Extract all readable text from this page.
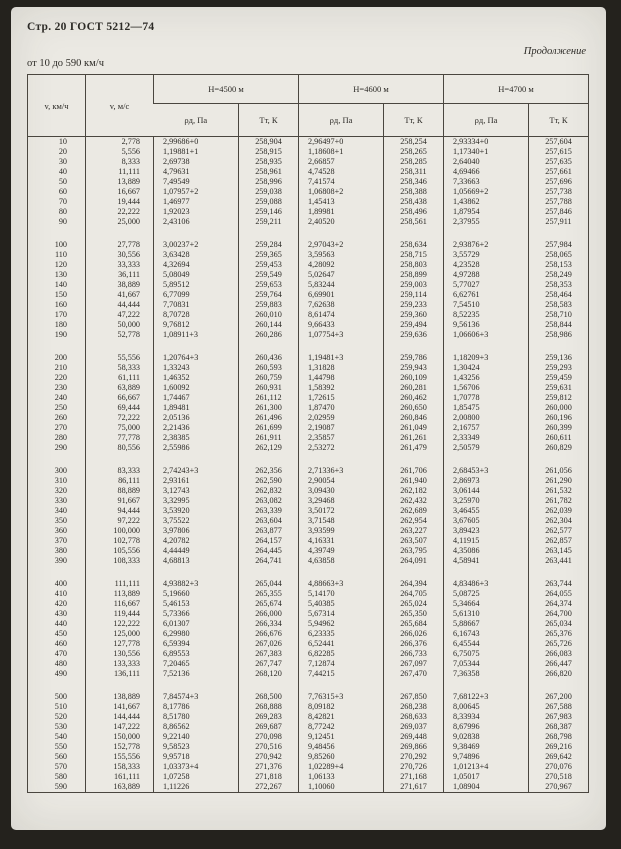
Стр. 20 ГОСТ 5212—74
Продолжение
от 10 до 590 км/ч
v, км/ч	v, м/с	Н=4500 м		Н=4600 м		Н=4700 м	
		ρд, Па	Тт, К	ρд, Па	Тт, К	ρд, Па	Тт, К
10	2,778	2,99686+0	258,904	2,96497+0	258,254	2,93334+0	257,604
20	5,556	1,19881+1	258,915	1,18608+1	258,265	1,17340+1	257,615
30	8,333	2,69738	258,935	2,66857	258,285	2,64040	257,635
40	11,111	4,79631	258,961	4,74528	258,311	4,69466	257,661
50	13,889	7,49549	258,996	7,41574	258,346	7,33663	257,696
60	16,667	1,07957+2	259,038	1,06808+2	258,388	1,05669+2	257,738
70	19,444	1,46977	259,088	1,45413	258,438	1,43862	257,788
80	22,222	1,92023	259,146	1,89981	258,496	1,87954	257,846
90	25,000	2,43106	259,211	2,40520	258,561	2,37955	257,911

100	27,778	3,00237+2	259,284	2,97043+2	258,634	2,93876+2	257,984
110	30,556	3,63428	259,365	3,59563	258,715	3,55729	258,065
120	33,333	4,32694	259,453	4,28092	258,803	4,23528	258,153
130	36,111	5,08049	259,549	5,02647	258,899	4,97288	258,249
140	38,889	5,89512	259,653	5,83244	259,003	5,77027	258,353
150	41,667	6,77099	259,764	6,69901	259,114	6,62761	258,464
160	44,444	7,70831	259,883	7,62638	259,233	7,54510	258,583
170	47,222	8,70728	260,010	8,61474	259,360	8,52235	258,710
180	50,000	9,76812	260,144	9,66433	259,494	9,56136	258,844
190	52,778	1,08911+3	260,286	1,07754+3	259,636	1,06606+3	258,986

200	55,556	1,20764+3	260,436	1,19481+3	259,786	1,18209+3	259,136
210	58,333	1,33243	260,593	1,31828	259,943	1,30424	259,293
220	61,111	1,46352	260,759	1,44798	260,109	1,43256	259,459
230	63,889	1,60092	260,931	1,58392	260,281	1,56706	259,631
240	66,667	1,74467	261,112	1,72615	260,462	1,70778	259,812
250	69,444	1,89481	261,300	1,87470	260,650	1,85475	260,000
260	72,222	2,05136	261,496	2,02959	260,846	2,00800	260,196
270	75,000	2,21436	261,699	2,19087	261,049	2,16757	260,399
280	77,778	2,38385	261,911	2,35857	261,261	2,33349	260,611
290	80,556	2,55986	262,129	2,53272	261,479	2,50579	260,829

300	83,333	2,74243+3	262,356	2,71336+3	261,706	2,68453+3	261,056
310	86,111	2,93161	262,590	2,90054	261,940	2,86973	261,290
320	88,889	3,12743	262,832	3,09430	262,182	3,06144	261,532
330	91,667	3,32995	263,082	3,29468	262,432	3,25970	261,782
340	94,444	3,53920	263,339	3,50172	262,689	3,46455	262,039
350	97,222	3,75522	263,604	3,71548	262,954	3,67605	262,304
360	100,000	3,97806	263,877	3,93599	263,227	3,89423	262,577
370	102,778	4,20782	264,157	4,16331	263,507	4,11915	262,857
380	105,556	4,44449	264,445	4,39749	263,795	4,35086	263,145
390	108,333	4,68813	264,741	4,63858	264,091	4,58941	263,441

400	111,111	4,93882+3	265,044	4,88663+3	264,394	4,83486+3	263,744
410	113,889	5,19660	265,355	5,14170	264,705	5,08725	264,055
420	116,667	5,46153	265,674	5,40385	265,024	5,34664	264,374
430	119,444	5,73366	266,000	5,67314	265,350	5,61310	264,700
440	122,222	6,01307	266,334	5,94962	265,684	5,88667	265,034
450	125,000	6,29980	266,676	6,23335	266,026	6,16743	265,376
460	127,778	6,59394	267,026	6,52441	266,376	6,45544	265,726
470	130,556	6,89553	267,383	6,82285	266,733	6,75075	266,083
480	133,333	7,20465	267,747	7,12874	267,097	7,05344	266,447
490	136,111	7,52136	268,120	7,44215	267,470	7,36358	266,820

500	138,889	7,84574+3	268,500	7,76315+3	267,850	7,68122+3	267,200
510	141,667	8,17786	268,888	8,09182	268,238	8,00645	267,588
520	144,444	8,51780	269,283	8,42821	268,633	8,33934	267,983
530	147,222	8,86562	269,687	8,77242	269,037	8,67996	268,387
540	150,000	9,22140	270,098	9,12451	269,448	9,02838	268,798
550	152,778	9,58523	270,516	9,48456	269,866	9,38469	269,216
560	155,556	9,95718	270,942	9,85260	270,292	9,74896	269,642
570	158,333	1,03373+4	271,376	1,02289+4	270,726	1,01213+4	270,076
580	161,111	1,07258	271,818	1,06133	271,168	1,05017	270,518
590	163,889	1,11226	272,267	1,10060	271,617	1,08904	270,967
